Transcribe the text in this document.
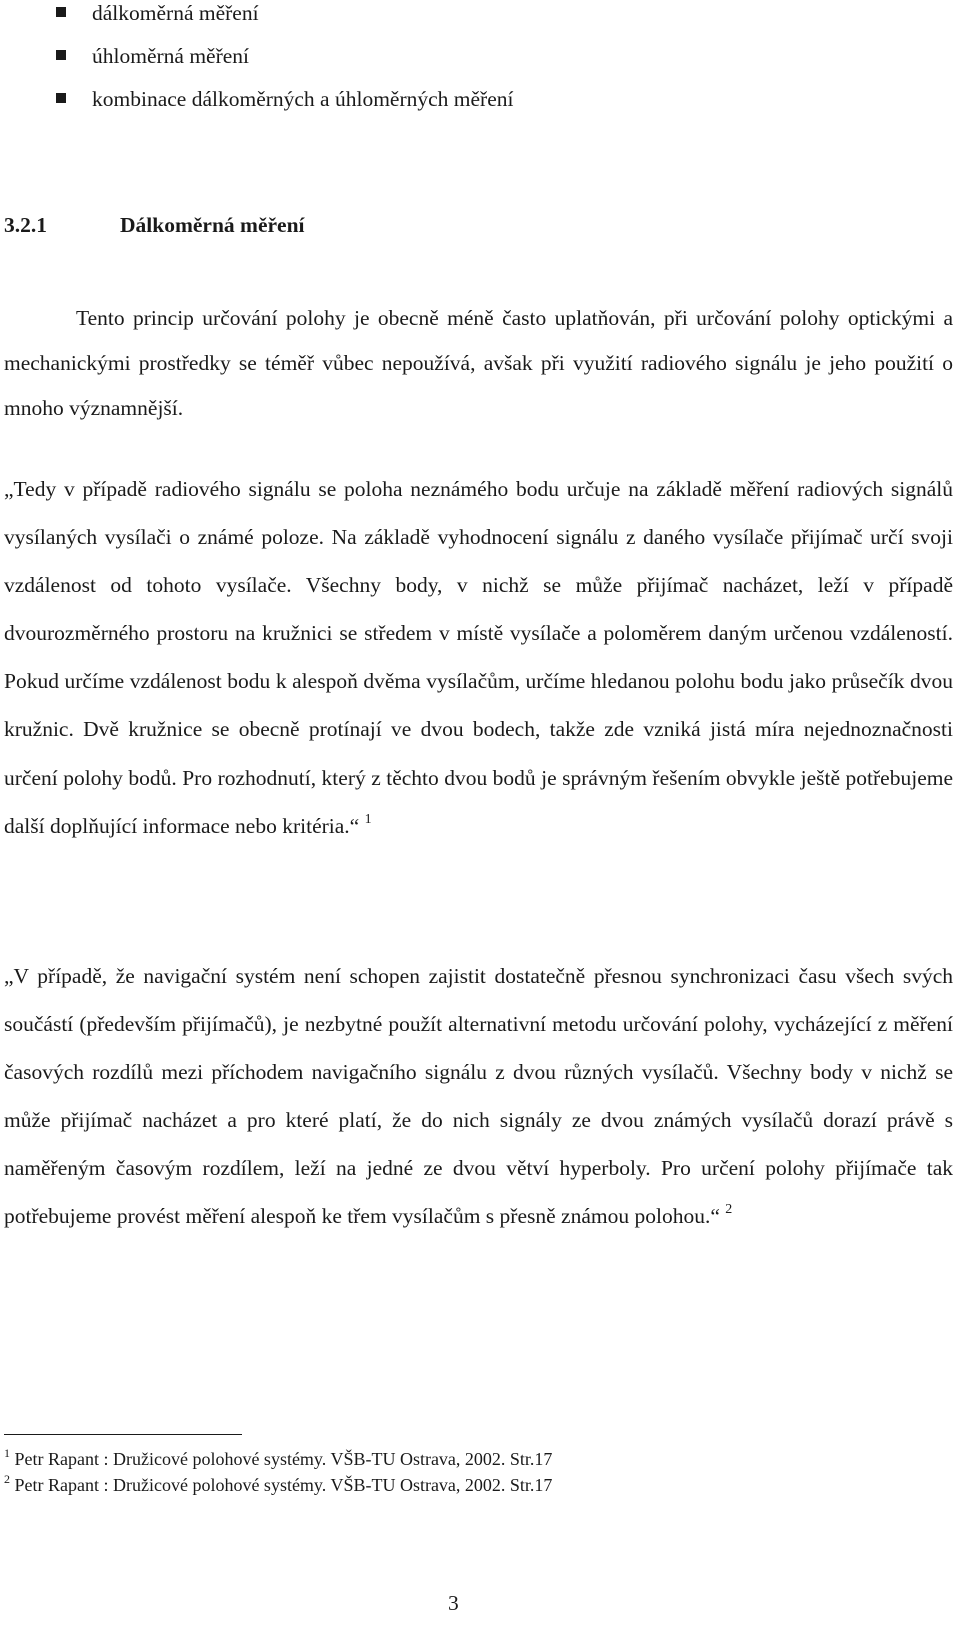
dálkoměrná měření
úhloměrná měření
kombinace dálkoměrných a úhloměrných měření
3.2.1	Dálkoměrná měření

Tento princip určování polohy je obecně méně často uplatňován, při určování polohy optickými a mechanickými prostředky se téměř vůbec nepoužívá, avšak při využití radiového signálu je jeho použití o mnoho významnější.

„Tedy v případě radiového signálu se poloha neznámého bodu určuje na základě měření radiových signálů vysílaných vysílači o známé poloze. Na základě vyhodnocení signálu z daného vysílače přijímač určí svoji vzdálenost od tohoto vysílače. Všechny body, v nichž se může přijímač nacházet, leží v případě dvourozměrného prostoru na kružnici se středem v místě vysílače a poloměrem daným určenou vzdáleností. Pokud určíme vzdálenost bodu k alespoň dvěma vysílačům, určíme hledanou polohu bodu jako průsečík dvou kružnic. Dvě kružnice se obecně protínají ve dvou bodech, takže zde vzniká jistá míra nejednoznačnosti určení polohy bodů. Pro rozhodnutí, který z těchto dvou bodů je správným řešením obvykle ještě potřebujeme další doplňující informace nebo kritéria.“ $^1$

„V případě, že navigační systém není schopen zajistit dostatečně přesnou synchronizaci času všech svých součástí (především přijímačů), je nezbytné použít alternativní metodu určování polohy, vycházející z měření časových rozdílů mezi příchodem navigačního signálu z dvou různých vysílačů. Všechny body v nichž se může přijímač nacházet a pro které platí, že do nich signály ze dvou známých vysílačů dorazí právě s naměřeným časovým rozdílem, leží na jedné ze dvou větví hyperboly. Pro určení polohy přijímače tak potřebujeme provést měření alespoň ke třem vysílačům s přesně známou polohou.“ $^2$

$^1$ Petr Rapant : Družicové polohové systémy. VŠB-TU Ostrava, 2002. Str.17
$^2$ Petr Rapant : Družicové polohové systémy. VŠB-TU Ostrava, 2002. Str.17
3
